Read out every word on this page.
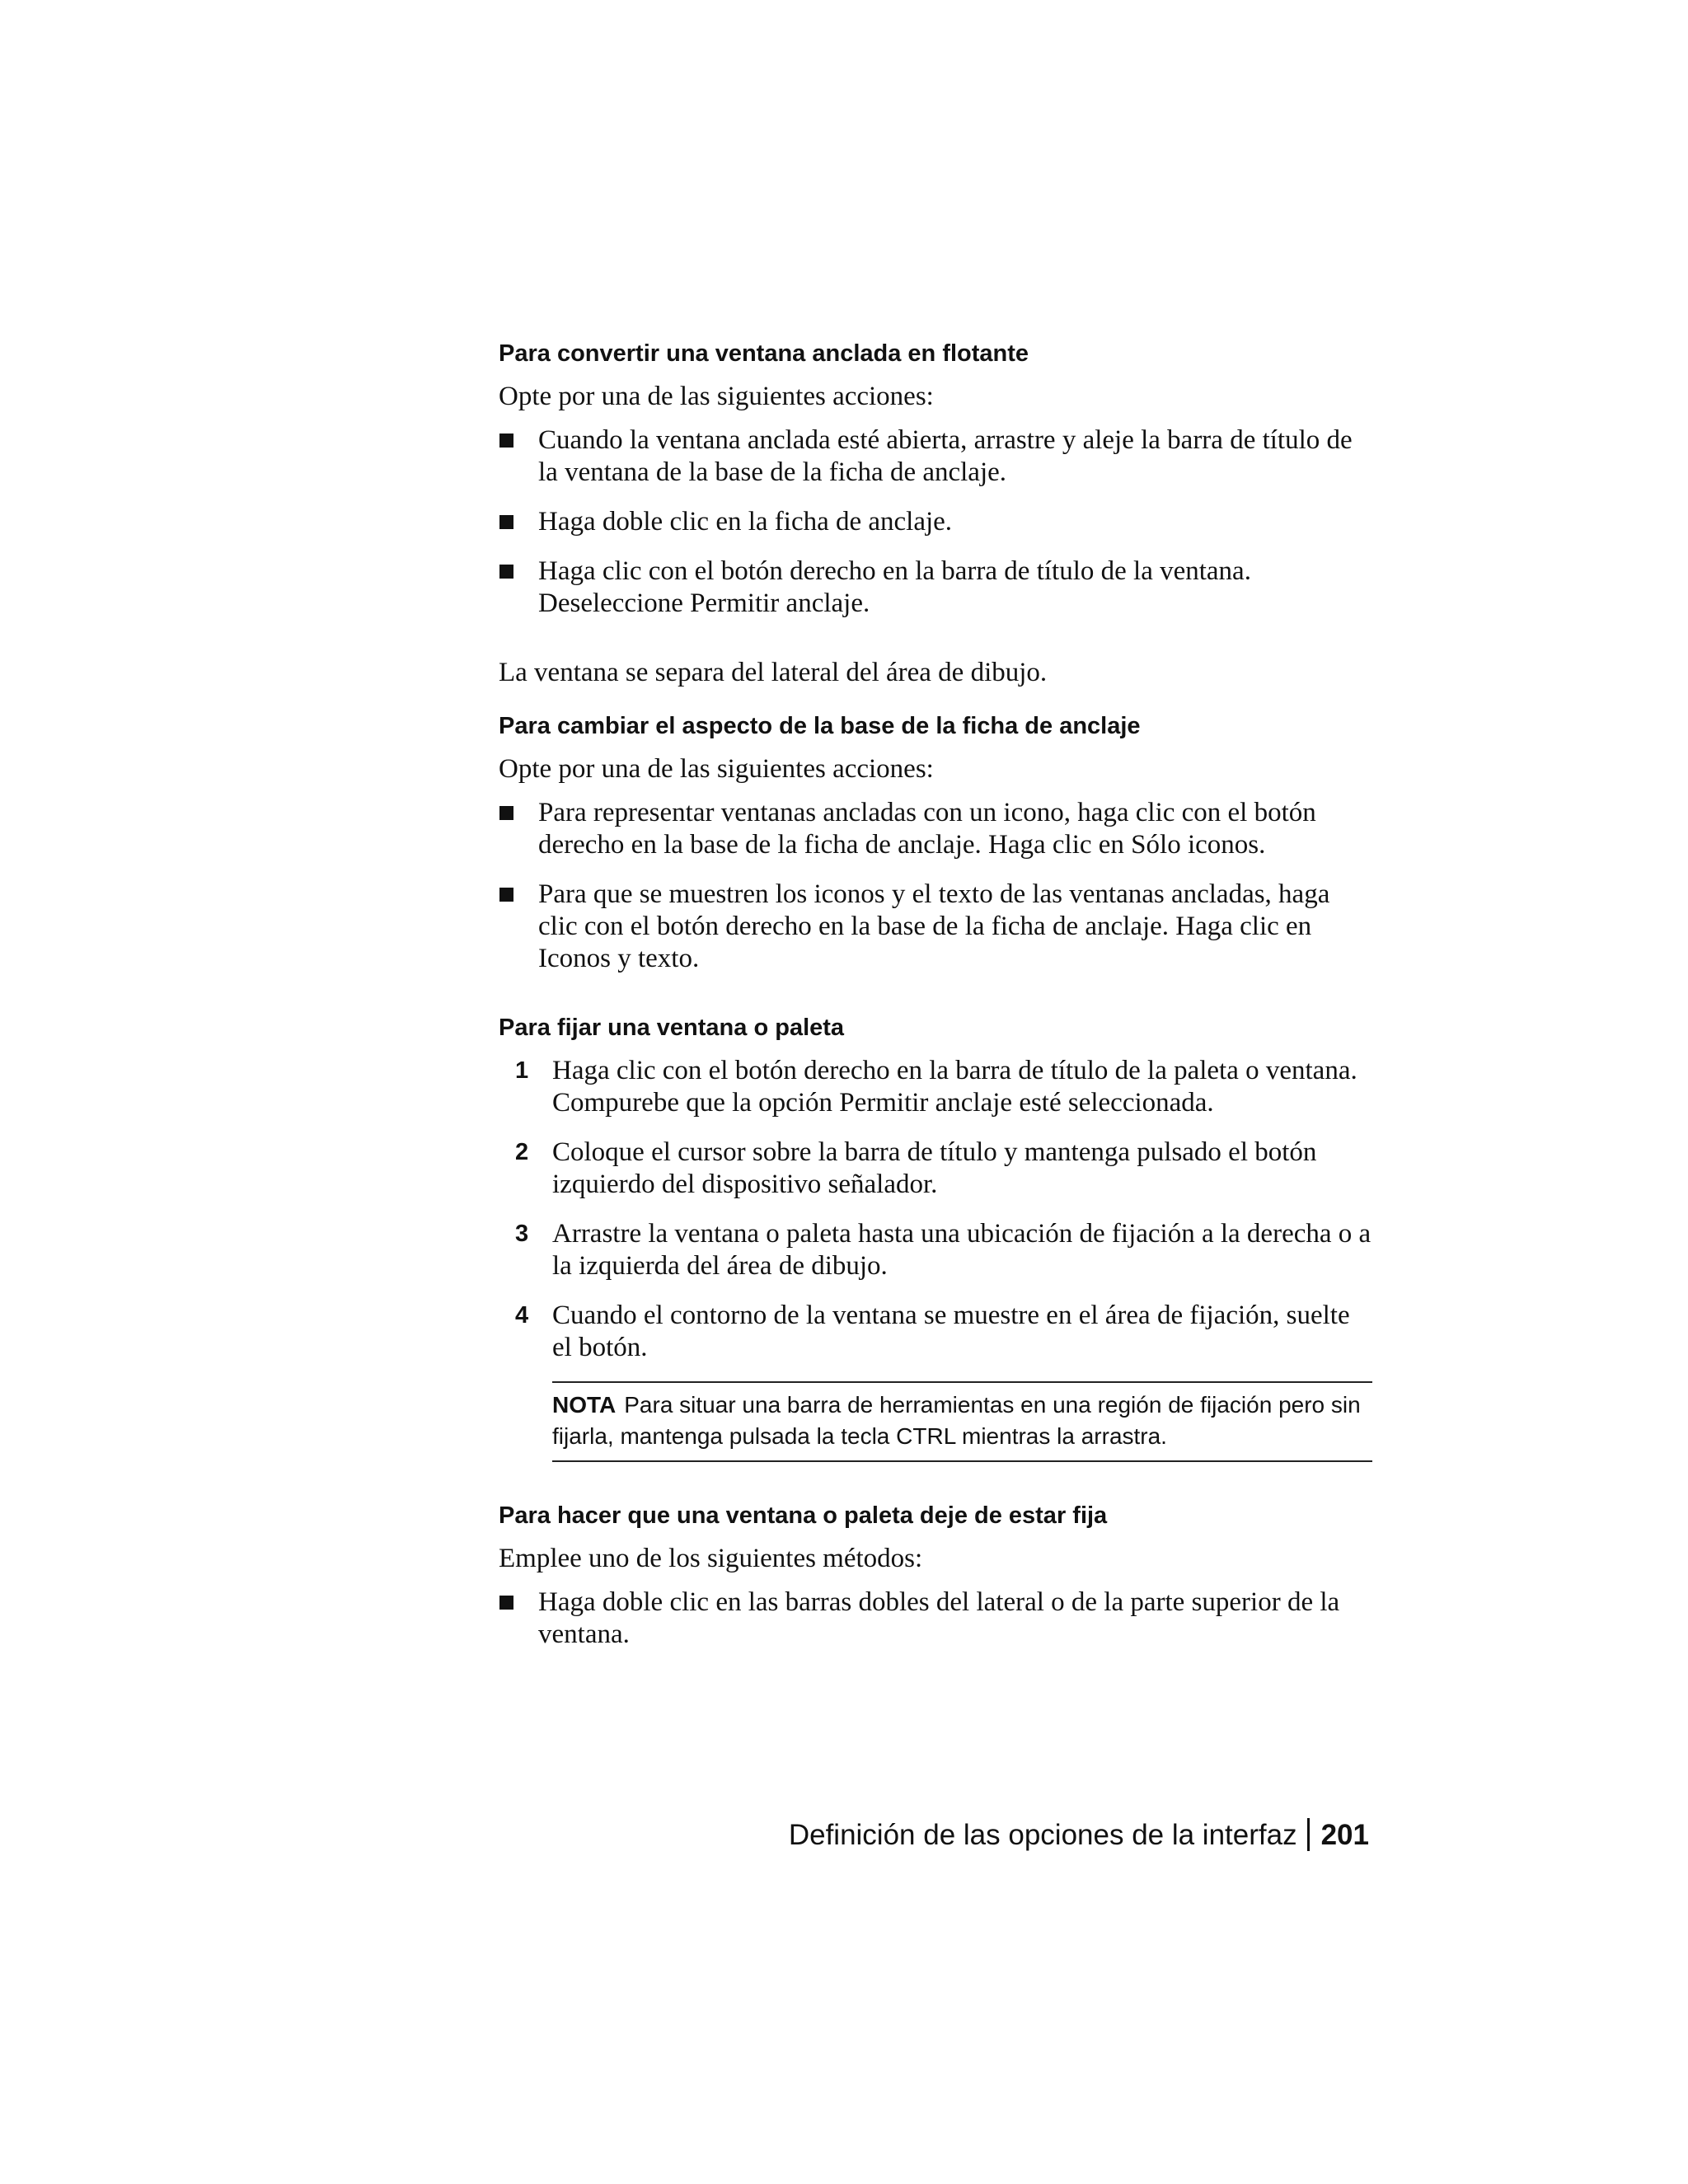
Para convertir una ventana anclada en flotante
Opte por una de las siguientes acciones:
Cuando la ventana anclada esté abierta, arrastre y aleje la barra de título de la ventana de la base de la ficha de anclaje.
Haga doble clic en la ficha de anclaje.
Haga clic con el botón derecho en la barra de título de la ventana. Deseleccione Permitir anclaje.
La ventana se separa del lateral del área de dibujo.
Para cambiar el aspecto de la base de la ficha de anclaje
Opte por una de las siguientes acciones:
Para representar ventanas ancladas con un icono, haga clic con el botón derecho en la base de la ficha de anclaje. Haga clic en Sólo iconos.
Para que se muestren los iconos y el texto de las ventanas ancladas, haga clic con el botón derecho en la base de la ficha de anclaje. Haga clic en Iconos y texto.
Para fijar una ventana o paleta
1 Haga clic con el botón derecho en la barra de título de la paleta o ventana. Compurebe que la opción Permitir anclaje esté seleccionada.
2 Coloque el cursor sobre la barra de título y mantenga pulsado el botón izquierdo del dispositivo señalador.
3 Arrastre la ventana o paleta hasta una ubicación de fijación a la derecha o a la izquierda del área de dibujo.
4 Cuando el contorno de la ventana se muestre en el área de fijación, suelte el botón.
NOTA Para situar una barra de herramientas en una región de fijación pero sin fijarla, mantenga pulsada la tecla CTRL mientras la arrastra.
Para hacer que una ventana o paleta deje de estar fija
Emplee uno de los siguientes métodos:
Haga doble clic en las barras dobles del lateral o de la parte superior de la ventana.
Definición de las opciones de la interfaz 201
